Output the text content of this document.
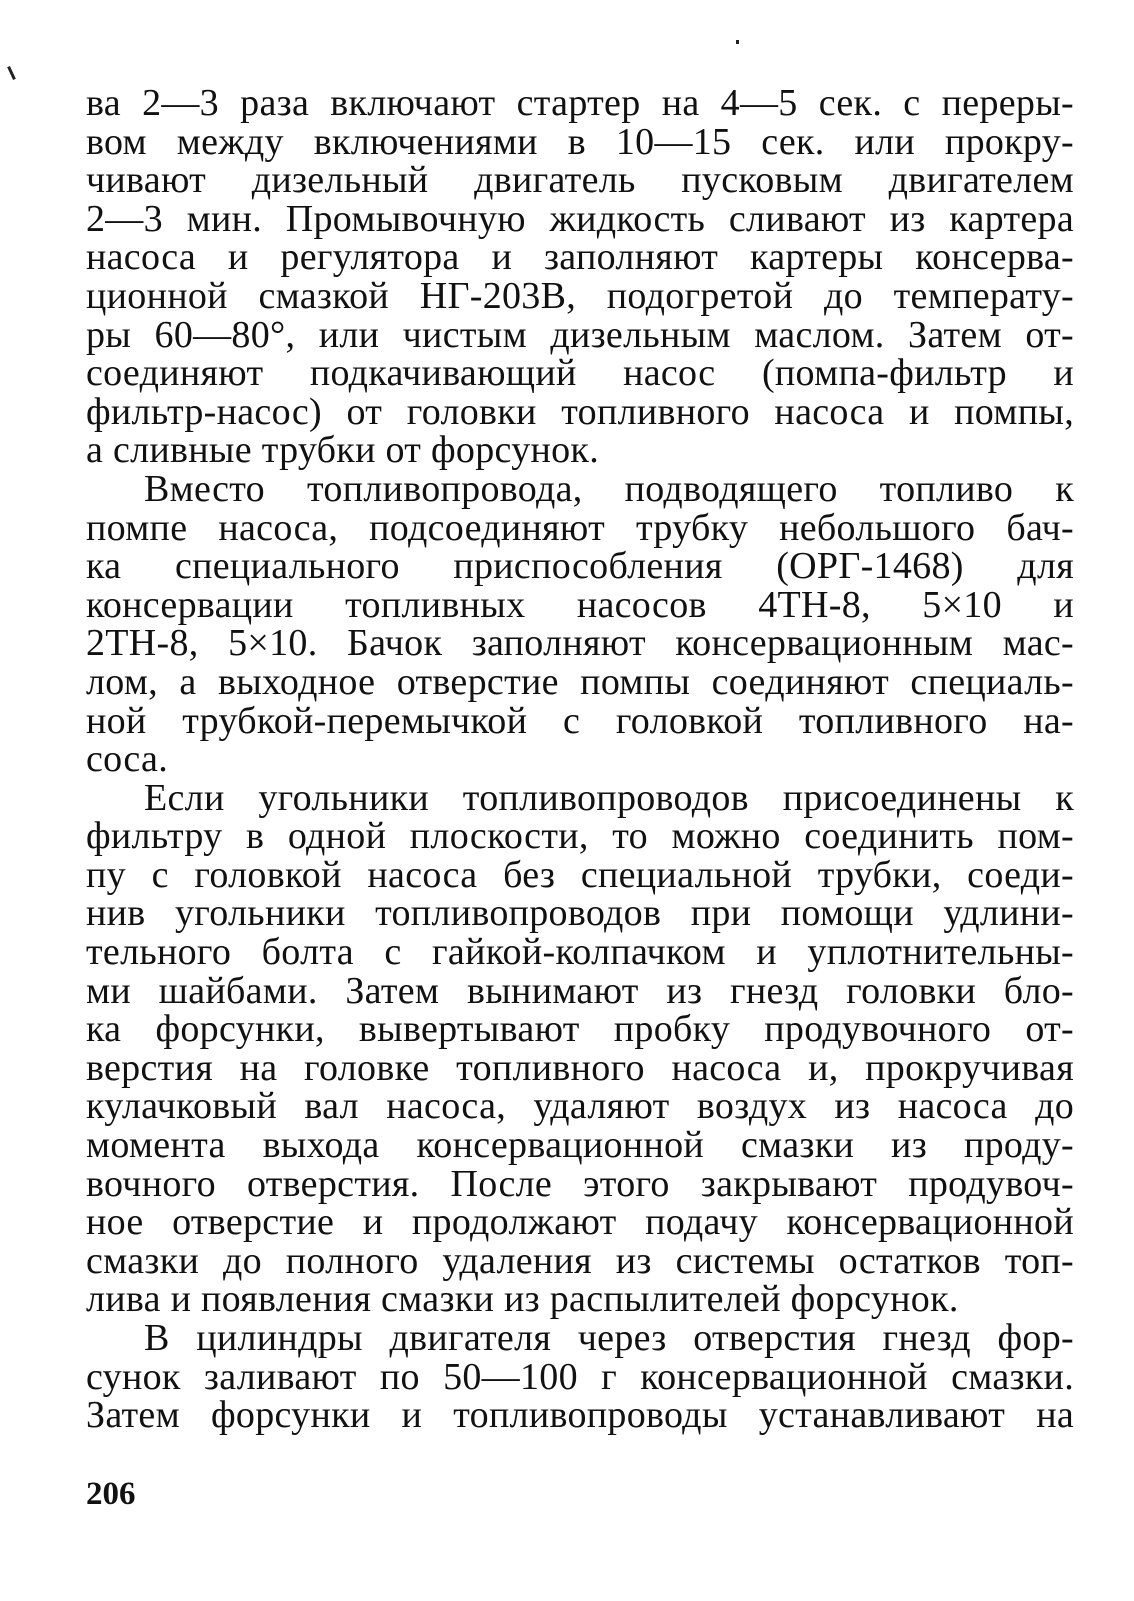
ва 2—3 раза включают стартер на 4—5 сек. с переры-
вом между включениями в 10—15 сек. или прокру-
чивают дизельный двигатель пусковым двигателем
2—3 мин. Промывочную жидкость сливают из картера
насоса и регулятора и заполняют картеры консерва-
ционной смазкой НГ-203В, подогретой до температу-
ры 60—80°, или чистым дизельным маслом. Затем от-
соединяют подкачивающий насос (помпа-фильтр и
фильтр-насос) от головки топливного насоса и помпы,
а сливные трубки от форсунок.
Вместо топливопровода, подводящего топливо к
помпе насоса, подсоединяют трубку небольшого бач-
ка специального приспособления (ОРГ-1468) для
консервации топливных насосов 4ТН-8, 5×10 и
2ТН-8, 5×10. Бачок заполняют консервационным мас-
лом, а выходное отверстие помпы соединяют специаль-
ной трубкой-перемычкой с головкой топливного на-
соса.
Если угольники топливопроводов присоединены к
фильтру в одной плоскости, то можно соединить пом-
пу с головкой насоса без специальной трубки, соеди-
нив угольники топливопроводов при помощи удлини-
тельного болта с гайкой-колпачком и уплотнительны-
ми шайбами. Затем вынимают из гнезд головки бло-
ка форсунки, вывертывают пробку продувочного от-
верстия на головке топливного насоса и, прокручивая
кулачковый вал насоса, удаляют воздух из насоса до
момента выхода консервационной смазки из проду-
вочного отверстия. После этого закрывают продувоч-
ное отверстие и продолжают подачу консервационной
смазки до полного удаления из системы остатков топ-
лива и появления смазки из распылителей форсунок.
В цилиндры двигателя через отверстия гнезд фор-
сунок заливают по 50—100 г консервационной смазки.
Затем форсунки и топливопроводы устанавливают на
206
